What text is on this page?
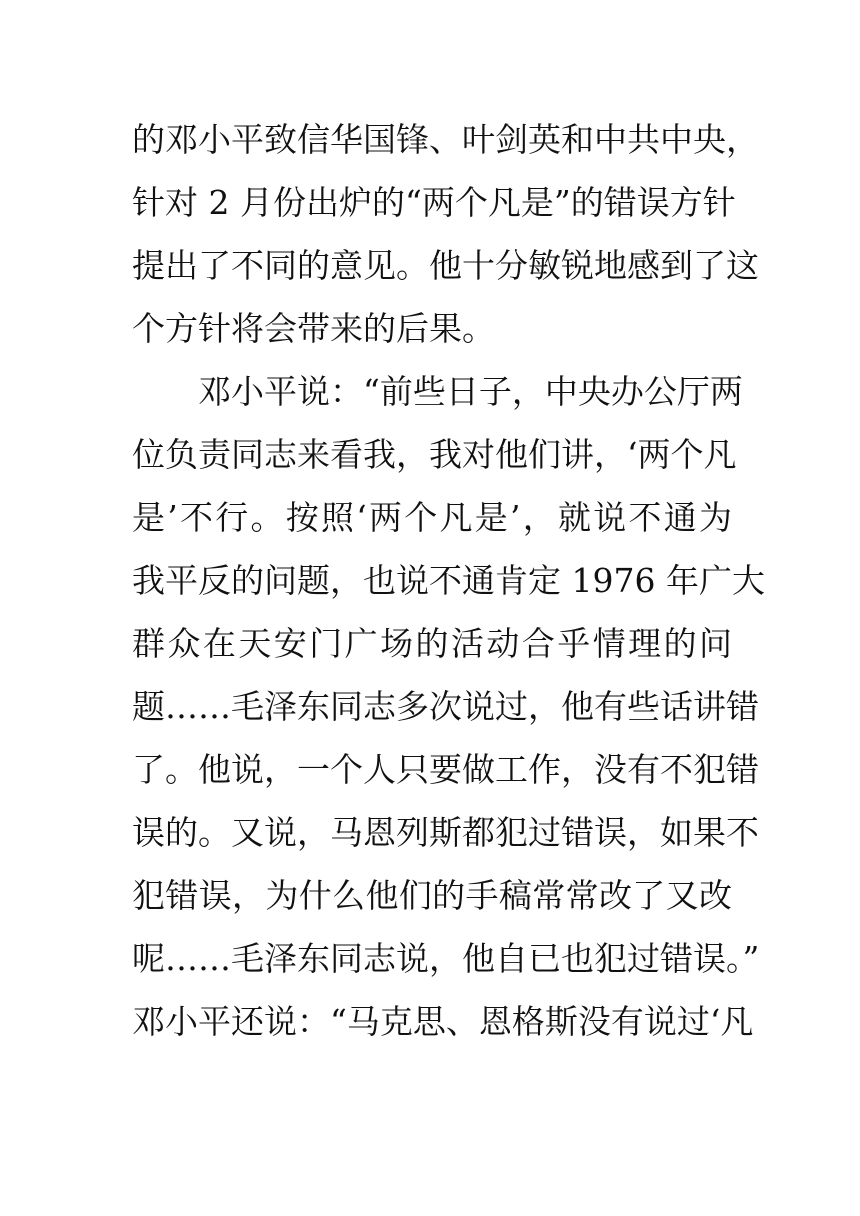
的邓小平致信华国锋、叶剑英和中共中央，
针对 2 月份出炉的“两个凡是”的错误方针
提出了不同的意见。他十分敏锐地感到了这
个方针将会带来的后果。
邓小平说：“前些日子，中央办公厅两
位负责同志来看我，我对他们讲，‘两个凡
是’不行。按照‘两个凡是’，就说不通为
我平反的问题，也说不通肯定 1976 年广大
群众在天安门广场的活动合乎情理的问
题……毛泽东同志多次说过，他有些话讲错
了。他说，一个人只要做工作，没有不犯错
误的。又说，马恩列斯都犯过错误，如果不
犯错误，为什么他们的手稿常常改了又改
呢……毛泽东同志说，他自已也犯过错误。”
邓小平还说：“马克思、恩格斯没有说过‘凡
